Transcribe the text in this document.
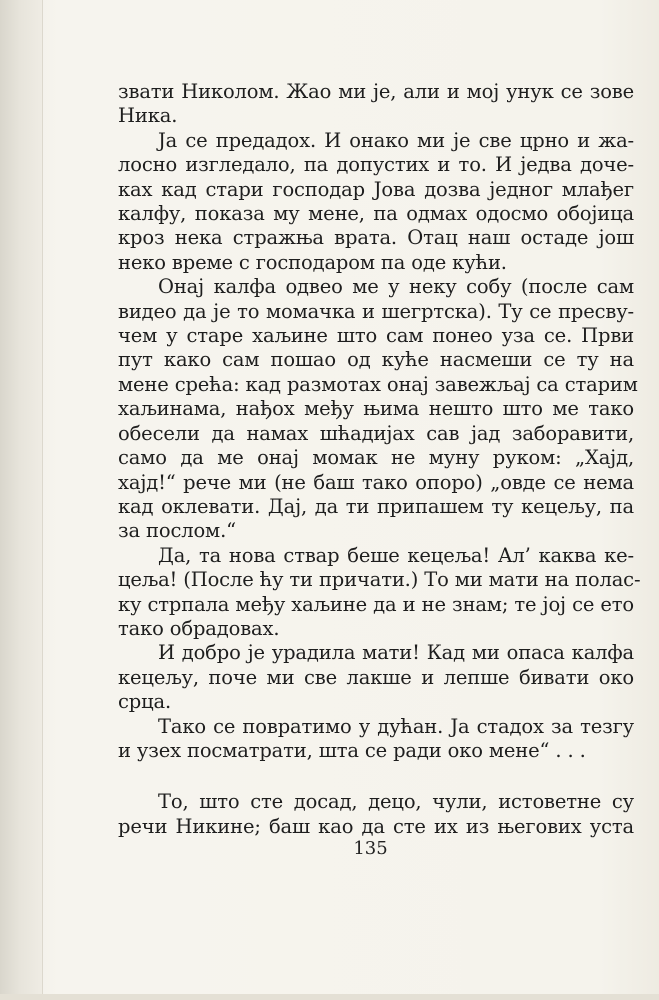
звати Николом. Жао ми је, али и мој унук се зове
Ника.
Ја се предадох. И онако ми је све црно и жа-
лосно изгледало, па допустих и то. И једва доче-
ках кад стари господар Јова дозва једног млађег
калфу, показа му мене, па одмах одосмо обојица
кроз нека стражња врата. Отац наш остаде још
неко време с господаром па оде кући.
Онај калфа одвео ме у неку собу (после сам
видео да је то момачка и шегртска). Ту се пресву-
чем у старе хаљине што сам понео уза се. Први
пут како сам пошао од куће насмеши се ту на
мене срећа: кад размотах онај завежљај са старим
хаљинама, нађох међу њима нешто што ме тако
обесели да намах шћадијах сав јад заборавити,
само да ме онај момак не муну руком: „Хајд,
хајд!“ рече ми (не баш тако опоро) „овде се нема
кад оклевати. Дај, да ти припашем ту кецељу, па
за послом.“
Да, та нова ствар беше кецеља! Ал’ каква ке-
цеља! (После ћу ти причати.) То ми мати на полас-
ку стрпала међу хаљине да и не знам; те јој се ето
тако обрадовах.
И добро је урадила мати! Кад ми опаса калфа
кецељу, поче ми све лакше и лепше бивати око
срца.
Тако се повратимо у дућан. Ја стадох за тезгу
и узех посматрати, шта се ради око мене“ . . .
То, што сте досад, децо, чули, истоветне су
речи Никине; баш као да сте их из његових уста
135
